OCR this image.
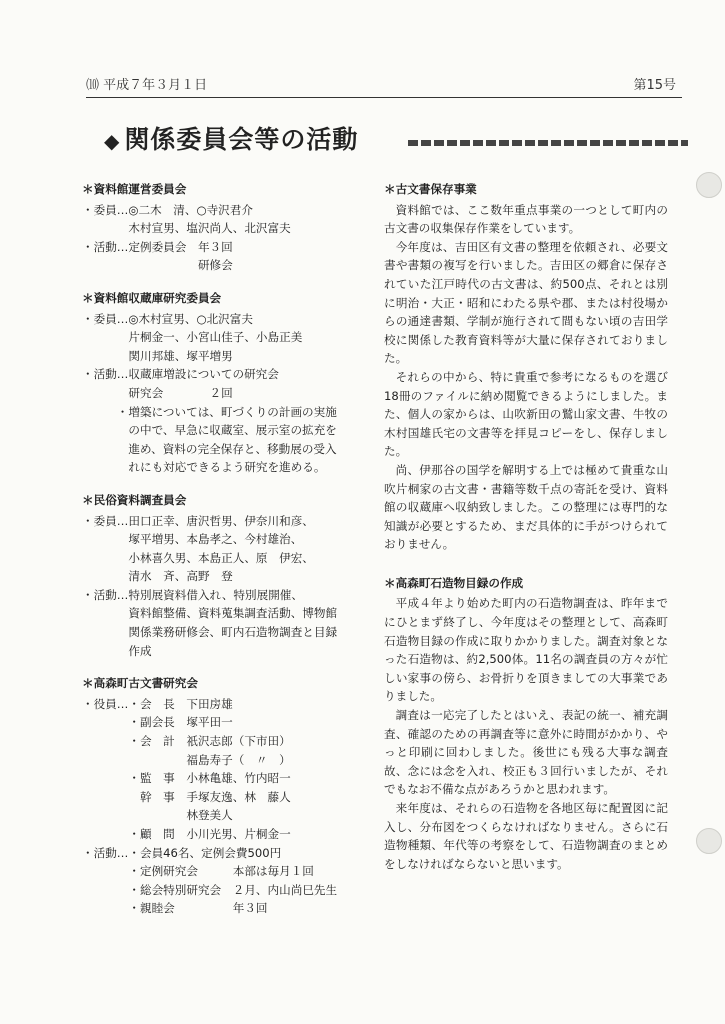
⑽ 平成７年３月１日	第15号
◆ 関係委員会等の活動
＊資料館運営委員会
・委員…◎二木　清、○寺沢君介
　　　　木村宣男、塩沢尚人、北沢富夫
・活動…定例委員会　年３回
　　　　　　　　　　研修会
＊資料館収蔵庫研究委員会
・委員…◎木村宣男、○北沢富夫
　　　　片桐金一、小宮山佳子、小島正美
　　　　関川邦雄、塚平増男
・活動…収蔵庫増設についての研究会
　　　　研究会　　　　２回
　　　・増築については、町づくりの計画の実施
　　　　の中で、早急に収蔵室、展示室の拡充を
　　　　進め、資料の完全保存と、移動展の受入
　　　　れにも対応できるよう研究を進める。
＊民俗資料調査員会
・委員…田口正幸、唐沢哲男、伊奈川和彦、
　　　　塚平増男、本島孝之、今村雄治、
　　　　小林喜久男、本島正人、原　伊宏、
　　　　清水　斉、高野　登
・活動…特別展資料借入れ、特別展開催、
　　　　資料館整備、資料蒐集調査活動、博物館
　　　　関係業務研修会、町内石造物調査と目録
　　　　作成
＊高森町古文書研究会
・役員…・会　長　下田房雄
　　　　・副会長　塚平田一
　　　　・会　計　祇沢志郎（下市田）
　　　　　　　　　福島寿子（　〃　）
　　　　・監　事　小林亀雄、竹内昭一
　　　　　幹　事　手塚友逸、林　藤人
　　　　　　　　　林登美人
　　　　・顧　問　小川光男、片桐金一
・活動…・会員46名、定例会費500円
　　　　・定例研究会　　　本部は毎月１回
　　　　・総会特別研究会　２月、内山尚巳先生
　　　　・親睦会　　　　　年３回
＊古文書保存事業

資料館では、ここ数年重点事業の一つとして町内の古文書の収集保存作業をしています。

今年度は、吉田区有文書の整理を依頼され、必要文書や書類の複写を行いました。吉田区の郷倉に保存されていた江戸時代の古文書は、約500点、それとは別に明治・大正・昭和にわたる県や郡、または村役場からの通達書類、学制が施行されて間もない頃の吉田学校に関係した教育資料等が大量に保存されておりました。

それらの中から、特に貴重で参考になるものを選び18冊のファイルに納め閲覧できるようにしました。また、個人の家からは、山吹新田の鷲山家文書、牛牧の木村国雄氏宅の文書等を拝見コピーをし、保存しました。

尚、伊那谷の国学を解明する上では極めて貴重な山吹片桐家の古文書・書籍等数千点の寄託を受け、資料館の収蔵庫へ収納致しました。この整理には専門的な知識が必要とするため、まだ具体的に手がつけられておりません。

＊高森町石造物目録の作成

平成４年より始めた町内の石造物調査は、昨年までにひとまず終了し、今年度はその整理として、高森町石造物目録の作成に取りかかりました。調査対象となった石造物は、約2,500体。11名の調査員の方々が忙しい家事の傍ら、お骨折りを頂きましての大事業でありました。

調査は一応完了したとはいえ、表記の統一、補充調査、確認のための再調査等に意外に時間がかかり、やっと印刷に回わしました。後世にも残る大事な調査故、念には念を入れ、校正も３回行いましたが、それでもなお不備な点があろうかと思われます。

来年度は、それらの石造物を各地区毎に配置図に記入し、分布図をつくらなければなりません。さらに石造物種類、年代等の考察をして、石造物調査のまとめをしなければならないと思います。
